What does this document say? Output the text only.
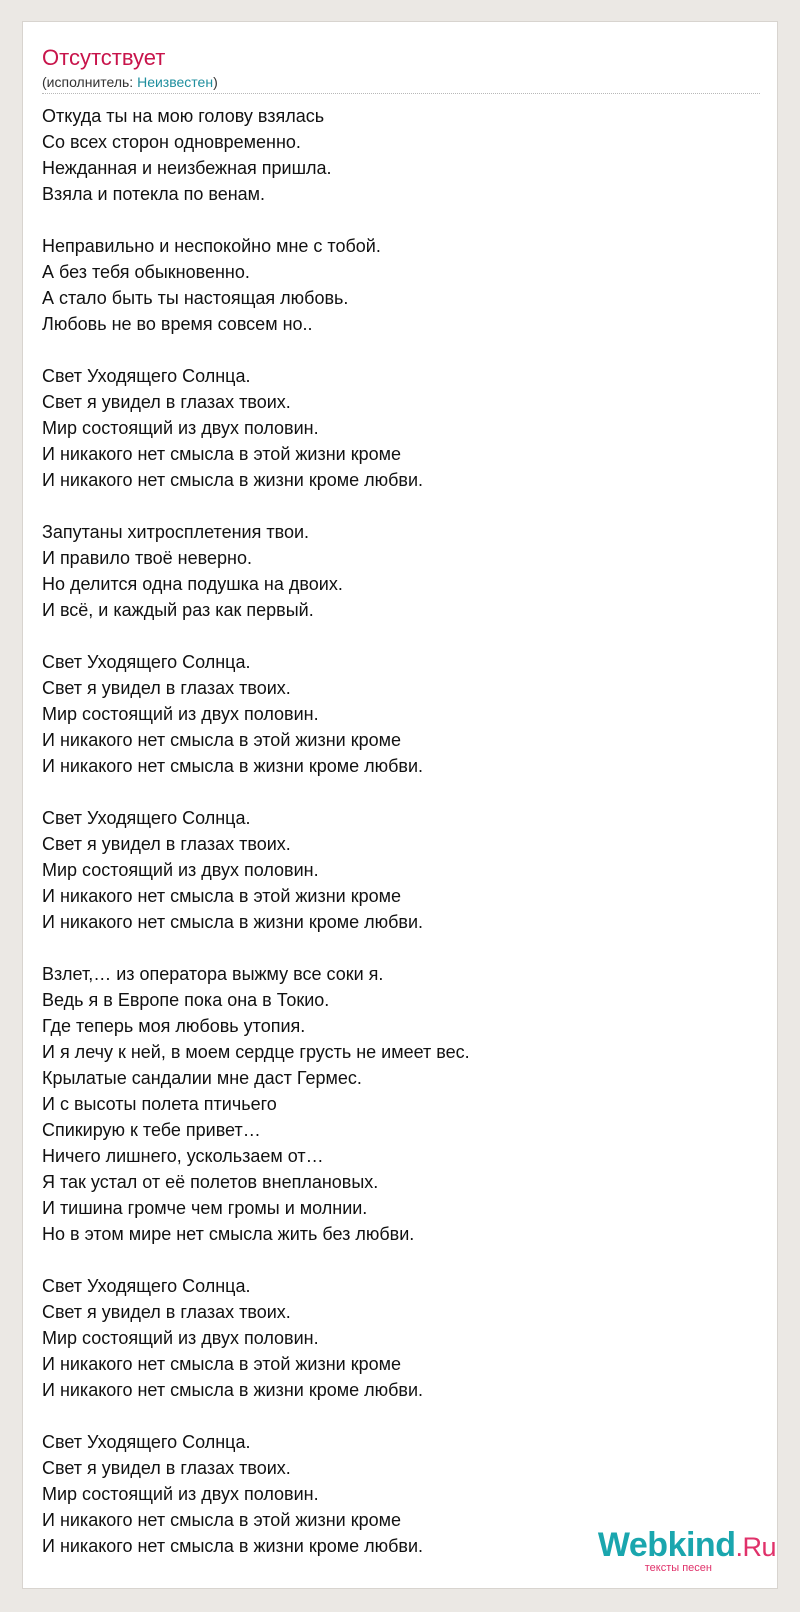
Отсутствует
(исполнитель: Неизвестен)
Откуда ты на мою голову взялась
Со всех сторон одновременно.
Нежданная и неизбежная пришла.
Взяла и потекла по венам.
Неправильно и неспокойно мне с тобой.
А без тебя обыкновенно.
А стало быть ты настоящая любовь.
Любовь не во время совсем но..
Свет Уходящего Солнца.
Свет я увидел в глазах твоих.
Мир состоящий из двух половин.
И никакого нет смысла в этой жизни кроме
И никакого нет смысла в жизни кроме любви.
Запутаны хитросплетения твои.
И правило твоё неверно.
Но делится одна подушка на двоих.
И всё, и каждый раз как первый.
Свет Уходящего Солнца.
Свет я увидел в глазах твоих.
Мир состоящий из двух половин.
И никакого нет смысла в этой жизни кроме
И никакого нет смысла в жизни кроме любви.
Свет Уходящего Солнца.
Свет я увидел в глазах твоих.
Мир состоящий из двух половин.
И никакого нет смысла в этой жизни кроме
И никакого нет смысла в жизни кроме любви.
Взлет,… из оператора выжму все соки я.
Ведь я в Европе пока она в Токио.
Где теперь моя любовь утопия.
И я лечу к ней, в моем сердце грусть не имеет вес.
Крылатые сандалии мне даст Гермес.
И с высоты полета птичьего
Спикирую к тебе привет…
Ничего лишнего, ускользаем от…
Я так устал от её полетов внеплановых.
И тишина громче чем громы и молнии.
Но в этом мире нет смысла жить без любви.
Свет Уходящего Солнца.
Свет я увидел в глазах твоих.
Мир состоящий из двух половин.
И никакого нет смысла в этой жизни кроме
И никакого нет смысла в жизни кроме любви.
Свет Уходящего Солнца.
Свет я увидел в глазах твоих.
Мир состоящий из двух половин.
И никакого нет смысла в этой жизни кроме
И никакого нет смысла в жизни кроме любви.	Webkind.Ru
тексты песен
